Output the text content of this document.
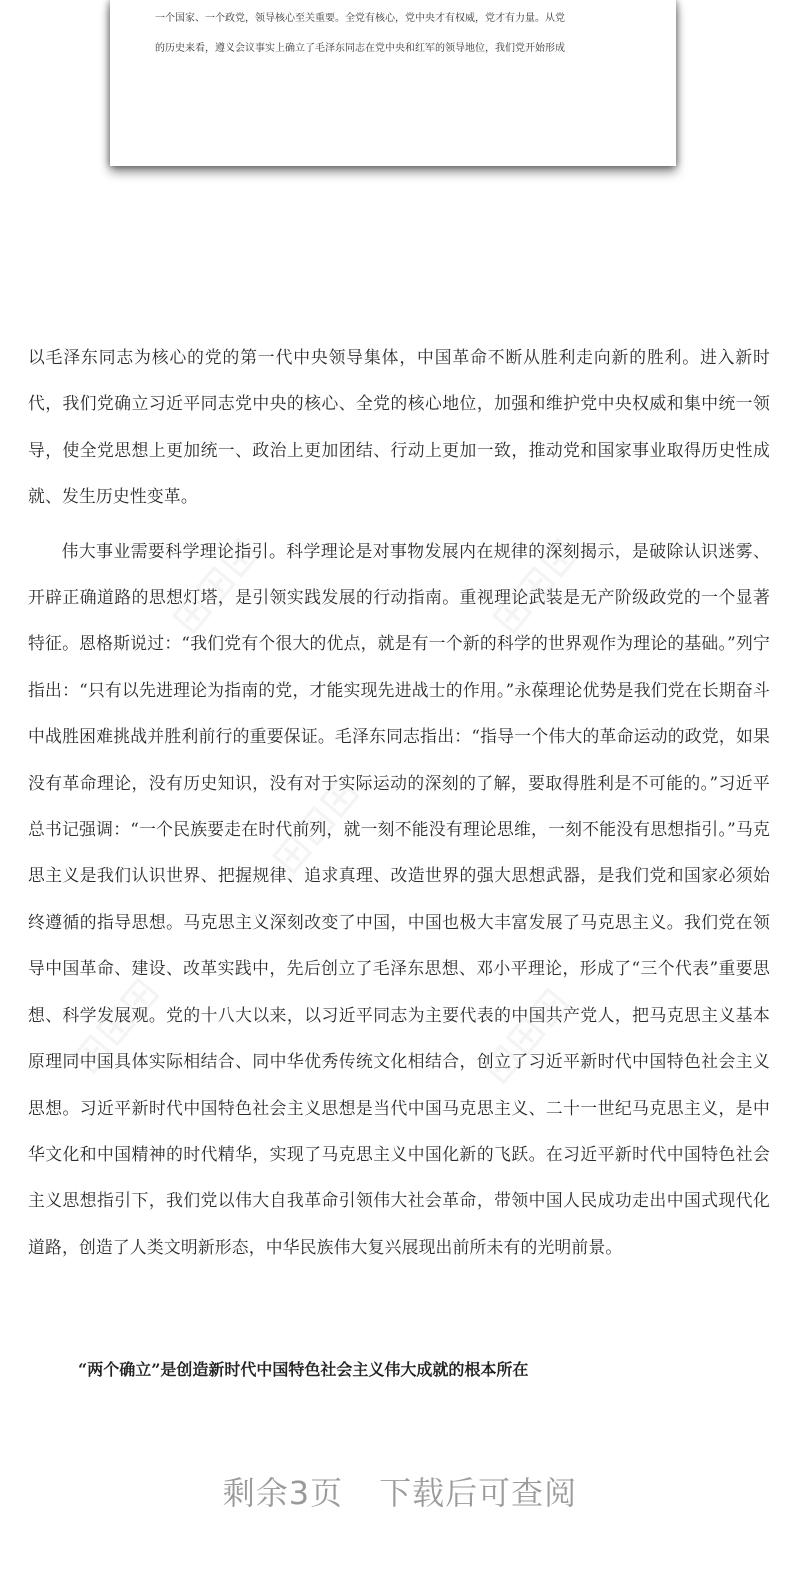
一个国家、一个政党，领导核心至关重要。全党有核心，党中央才有权威，党才有力量。从党

的历史来看，遵义会议事实上确立了毛泽东同志在党中央和红军的领导地位，我们党开始形成

以毛泽东同志为核心的党的第一代中央领导集体，中国革命不断从胜利走向新的胜利。进入新时代，我们党确立习近平同志党中央的核心、全党的核心地位，加强和维护党中央权威和集中统一领导，使全党思想上更加统一、政治上更加团结、行动上更加一致，推动党和国家事业取得历史性成就、发生历史性变革。

伟大事业需要科学理论指引。科学理论是对事物发展内在规律的深刻揭示，是破除认识迷雾、开辟正确道路的思想灯塔，是引领实践发展的行动指南。重视理论武装是无产阶级政党的一个显著特征。恩格斯说过：“我们党有个很大的优点，就是有一个新的科学的世界观作为理论的基础。”列宁指出：“只有以先进理论为指南的党，才能实现先进战士的作用。”永葆理论优势是我们党在长期奋斗中战胜困难挑战并胜利前行的重要保证。毛泽东同志指出：“指导一个伟大的革命运动的政党，如果没有革命理论，没有历史知识，没有对于实际运动的深刻的了解，要取得胜利是不可能的。”习近平总书记强调：“一个民族要走在时代前列，就一刻不能没有理论思维，一刻不能没有思想指引。”马克思主义是我们认识世界、把握规律、追求真理、改造世界的强大思想武器，是我们党和国家必须始终遵循的指导思想。马克思主义深刻改变了中国，中国也极大丰富发展了马克思主义。我们党在领导中国革命、建设、改革实践中，先后创立了毛泽东思想、邓小平理论，形成了“三个代表”重要思想、科学发展观。党的十八大以来，以习近平同志为主要代表的中国共产党人，把马克思主义基本原理同中国具体实际相结合、同中华优秀传统文化相结合，创立了习近平新时代中国特色社会主义思想。习近平新时代中国特色社会主义思想是当代中国马克思主义、二十一世纪马克思主义，是中华文化和中国精神的时代精华，实现了马克思主义中国化新的飞跃。在习近平新时代中国特色社会主义思想指引下，我们党以伟大自我革命引领伟大社会革命，带领中国人民成功走出中国式现代化道路，创造了人类文明新形态，中华民族伟大复兴展现出前所未有的光明前景。

“两个确立”是创造新时代中国特色社会主义伟大成就的根本所在

剩余3页 下载后可查阅
